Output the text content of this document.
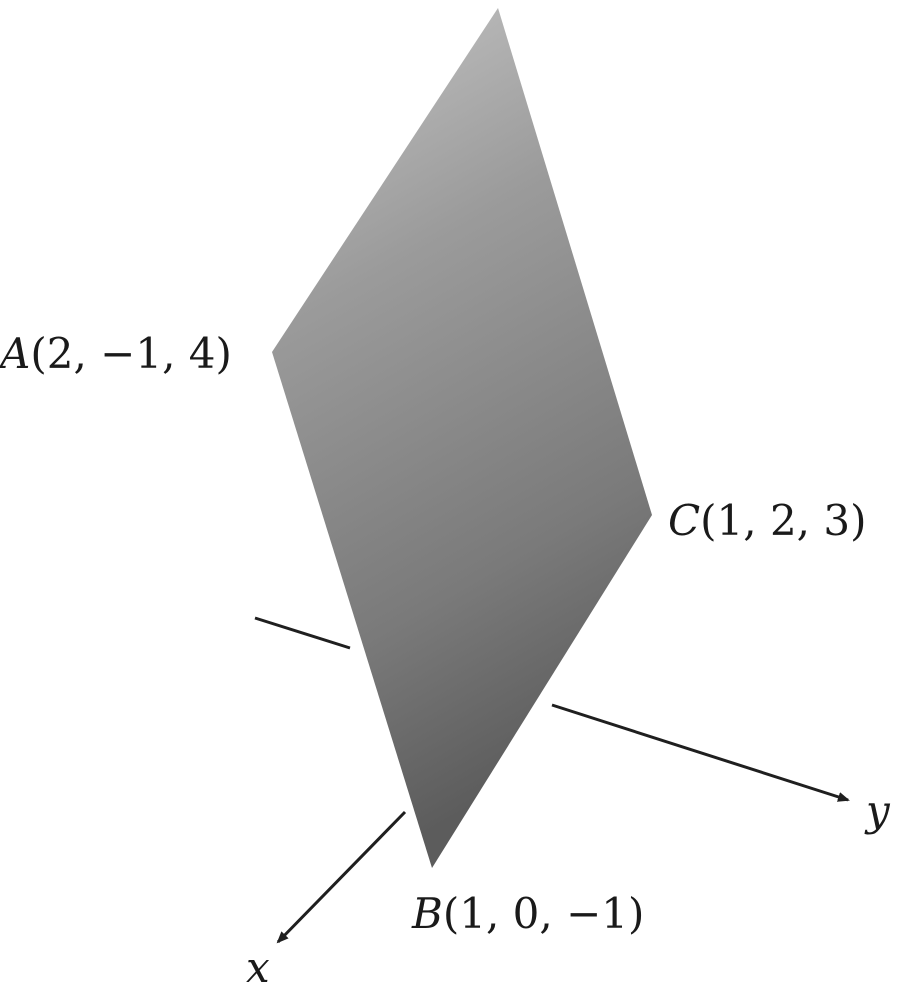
A(2, −1, 4)
C(1, 2, 3)
B(1, 0, −1)
x
y
